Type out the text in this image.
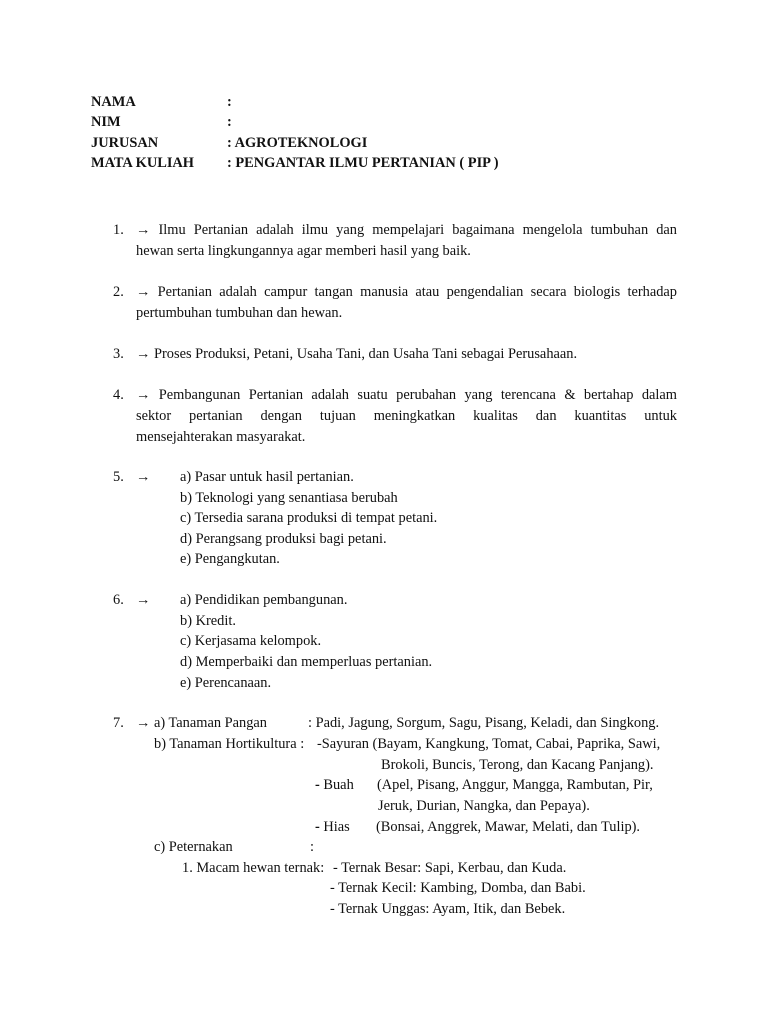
NAMA	:
NIM	:
JURUSAN	: AGROTEKNOLOGI
MATA KULIAH : PENGANTAR ILMU PERTANIAN ( PIP )
1. → Ilmu Pertanian adalah ilmu yang mempelajari bagaimana mengelola tumbuhan dan
hewan serta lingkungannya agar memberi hasil yang baik.
2. → Pertanian adalah campur tangan manusia atau pengendalian secara biologis terhadap
pertumbuhan tumbuhan dan hewan.
3. → Proses Produksi, Petani, Usaha Tani, dan Usaha Tani sebagai Perusahaan.
4. → Pembangunan Pertanian adalah suatu perubahan yang terencana & bertahap dalam
sektor pertanian dengan tujuan meningkatkan kualitas dan kuantitas untuk
mensejahterakan masyarakat.
5. → a) Pasar untuk hasil pertanian.
b) Teknologi yang senantiasa berubah
c) Tersedia sarana produksi di tempat petani.
d) Perangsang produksi bagi petani.
e) Pengangkutan.
6. → a) Pendidikan pembangunan.
b) Kredit.
c) Kerjasama kelompok.
d) Memperbaiki dan memperluas pertanian.
e) Perencanaan.
7. → a) Tanaman Pangan	: Padi, Jagung, Sorgum, Sagu, Pisang, Keladi, dan Singkong.
b) Tanaman Hortikultura : -Sayuran (Bayam, Kangkung, Tomat, Cabai, Paprika, Sawi,
Brokoli, Buncis, Terong, dan Kacang Panjang).
- Buah (Apel, Pisang, Anggur, Mangga, Rambutan, Pir,
Jeruk, Durian, Nangka, dan Pepaya).
- Hias (Bonsai, Anggrek, Mawar, Melati, dan Tulip).
c) Peternakan	:
1. Macam hewan ternak: - Ternak Besar: Sapi, Kerbau, dan Kuda.
- Ternak Kecil: Kambing, Domba, dan Babi.
- Ternak Unggas: Ayam, Itik, dan Bebek.
